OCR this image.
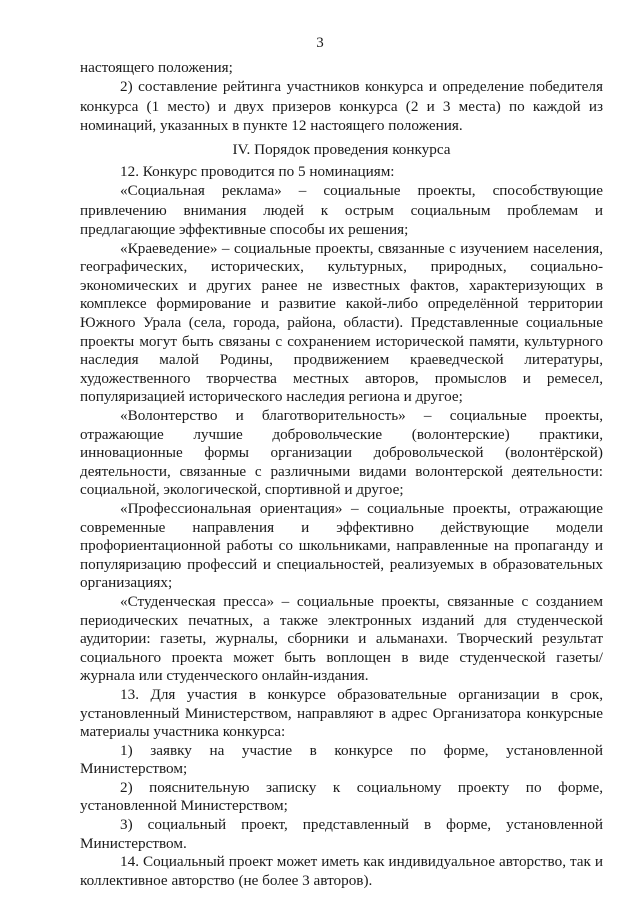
3

настоящего положения;

2) составление рейтинга участников конкурса и определение победителя конкурса (1 место) и двух призеров конкурса (2 и 3 места) по каждой из номинаций, указанных в пункте 12 настоящего положения.

IV. Порядок проведения конкурса

12. Конкурс проводится по 5 номинациям:

«Социальная реклама» – социальные проекты, способствующие привлечению внимания людей к острым социальным проблемам и предлагающие эффективные способы их решения;

«Краеведение» – социальные проекты, связанные с изучением населения, географических, исторических, культурных, природных, социально-экономических и других ранее не известных фактов, характеризующих в комплексе формирование и развитие какой-либо определённой территории Южного Урала (села, города, района, области). Представленные социальные проекты могут быть связаны с сохранением исторической памяти, культурного наследия малой Родины, продвижением краеведческой литературы, художественного творчества местных авторов, промыслов и ремесел, популяризацией исторического наследия региона и другое;

«Волонтерство и благотворительность» – социальные проекты, отражающие лучшие добровольческие (волонтерские) практики, инновационные формы организации добровольческой (волонтёрской) деятельности, связанные с различными видами волонтерской деятельности: социальной, экологической, спортивной и другое;

«Профессиональная ориентация» – социальные проекты, отражающие современные направления и эффективно действующие модели профориентационной работы со школьниками, направленные на пропаганду и популяризацию профессий и специальностей, реализуемых в образовательных организациях;

«Студенческая пресса» – социальные проекты, связанные с созданием периодических печатных, а также электронных изданий для студенческой аудитории: газеты, журналы, сборники и альманахи. Творческий результат социального проекта может быть воплощен в виде студенческой газеты/журнала или студенческого онлайн-издания.

13. Для участия в конкурсе образовательные организации в срок, установленный Министерством, направляют в адрес Организатора конкурсные материалы участника конкурса:

1) заявку на участие в конкурсе по форме, установленной Министерством;

2) пояснительную записку к социальному проекту по форме, установленной Министерством;

3) социальный проект, представленный в форме, установленной Министерством.

14. Социальный проект может иметь как индивидуальное авторство, так и коллективное авторство (не более 3 авторов).
